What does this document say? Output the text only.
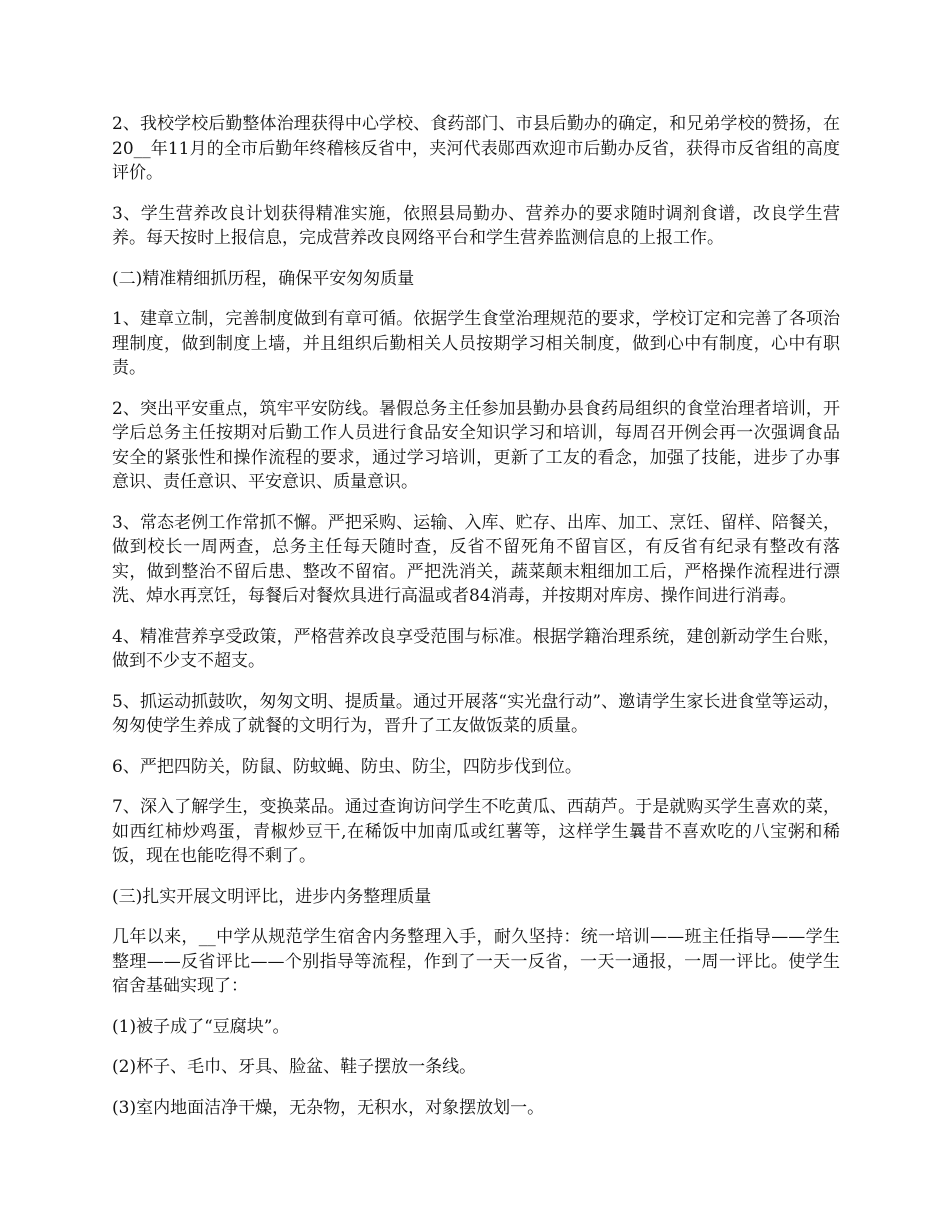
2、我校学校后勤整体治理获得中心学校、食药部门、市县后勤办的确定，和兄弟学校的赞扬，在20__年11月的全市后勤年终稽核反省中，夹河代表郧西欢迎市后勤办反省，获得市反省组的高度评价。

3、学生营养改良计划获得精准实施，依照县局勤办、营养办的要求随时调剂食谱，改良学生营养。每天按时上报信息，完成营养改良网络平台和学生营养监测信息的上报工作。

(二)精准精细抓历程，确保平安匆匆质量

1、建章立制，完善制度做到有章可循。依据学生食堂治理规范的要求，学校订定和完善了各项治理制度，做到制度上墙，并且组织后勤相关人员按期学习相关制度，做到心中有制度，心中有职责。

2、突出平安重点，筑牢平安防线。暑假总务主任参加县勤办县食药局组织的食堂治理者培训，开学后总务主任按期对后勤工作人员进行食品安全知识学习和培训，每周召开例会再一次强调食品安全的紧张性和操作流程的要求，通过学习培训，更新了工友的看念，加强了技能，进步了办事意识、责任意识、平安意识、质量意识。

3、常态老例工作常抓不懈。严把采购、运输、入库、贮存、出库、加工、烹饪、留样、陪餐关，做到校长一周两查，总务主任每天随时查，反省不留死角不留盲区，有反省有纪录有整改有落实，做到整治不留后患、整改不留宿。严把洗消关，蔬菜颠末粗细加工后，严格操作流程进行漂洗、焯水再烹饪，每餐后对餐炊具进行高温或者84消毒，并按期对库房、操作间进行消毒。

4、精准营养享受政策，严格营养改良享受范围与标准。根据学籍治理系统，建创新动学生台账，做到不少支不超支。

5、抓运动抓鼓吹，匆匆文明、提质量。通过开展落“实光盘行动”、邀请学生家长进食堂等运动，匆匆使学生养成了就餐的文明行为，晋升了工友做饭菜的质量。

6、严把四防关，防鼠、防蚊蝇、防虫、防尘，四防步伐到位。

7、深入了解学生，变换菜品。通过查询访问学生不吃黄瓜、西葫芦。于是就购买学生喜欢的菜，如西红柿炒鸡蛋，青椒炒豆干,在稀饭中加南瓜或红薯等，这样学生曩昔不喜欢吃的八宝粥和稀饭，现在也能吃得不剩了。

(三)扎实开展文明评比，进步内务整理质量

几年以来，__中学从规范学生宿舍内务整理入手，耐久坚持：统一培训——班主任指导——学生整理——反省评比——个别指导等流程，作到了一天一反省，一天一通报，一周一评比。使学生宿舍基础实现了：

(1)被子成了“豆腐块”。

(2)杯子、毛巾、牙具、脸盆、鞋子摆放一条线。

(3)室内地面洁净干燥，无杂物，无积水，对象摆放划一。
